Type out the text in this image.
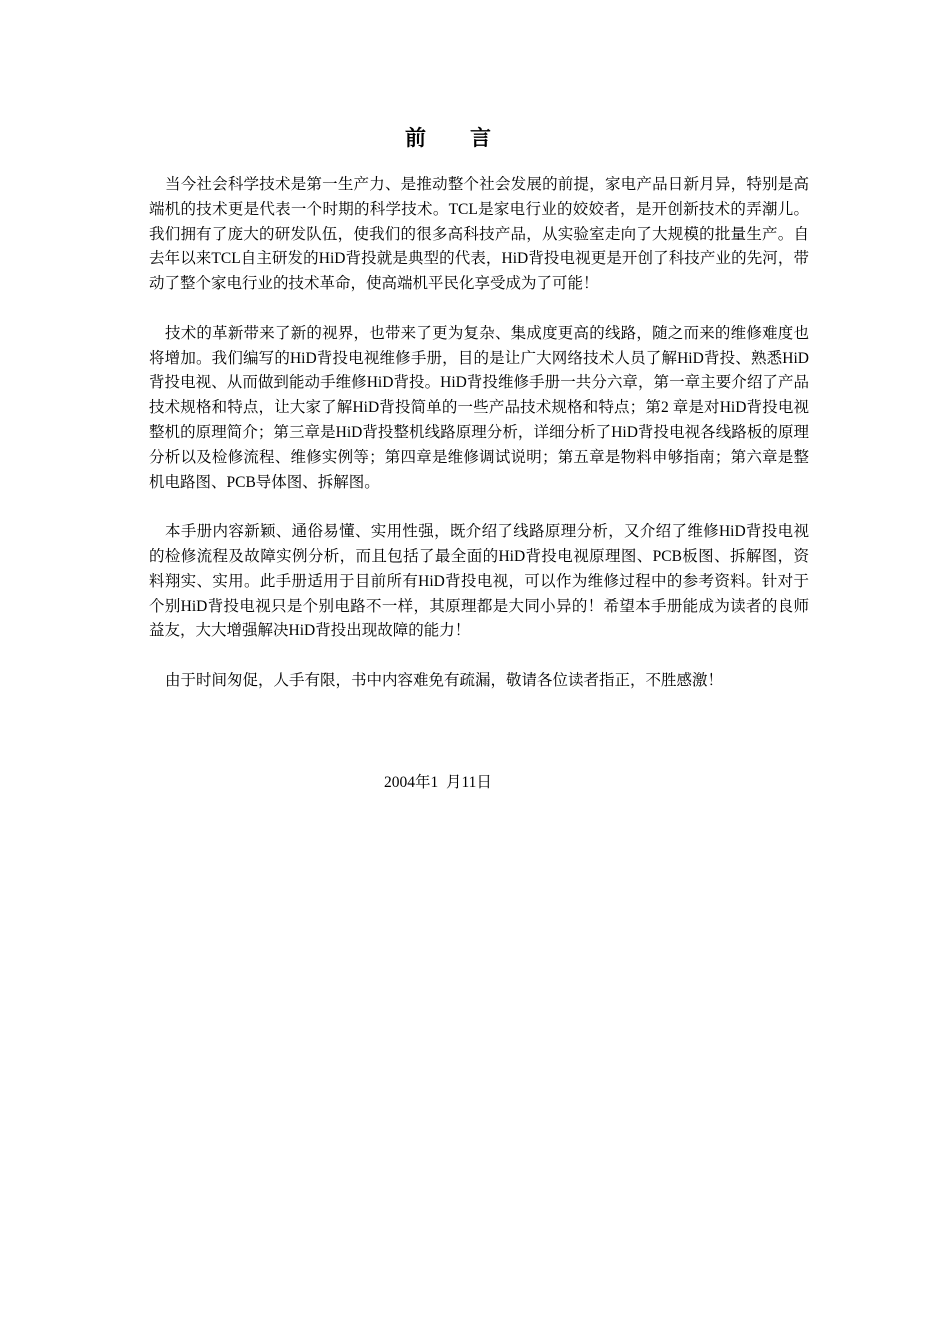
前言

当今社会科学技术是第一生产力、是推动整个社会发展的前提，家电产品日新月异，特别是高端机的技术更是代表一个时期的科学技术。TCL是家电行业的姣姣者，是开创新技术的弄潮儿。我们拥有了庞大的研发队伍，使我们的很多高科技产品，从实验室走向了大规模的批量生产。自去年以来TCL自主研发的HiD背投就是典型的代表，HiD背投电视更是开创了科技产业的先河，带动了整个家电行业的技术革命，使高端机平民化享受成为了可能！

技术的革新带来了新的视界，也带来了更为复杂、集成度更高的线路，随之而来的维修难度也将增加。我们编写的HiD背投电视维修手册，目的是让广大网络技术人员了解HiD背投、熟悉HiD背投电视、从而做到能动手维修HiD背投。HiD背投维修手册一共分六章，第一章主要介绍了产品技术规格和特点，让大家了解HiD背投简单的一些产品技术规格和特点；第2 章是对HiD背投电视整机的原理简介；第三章是HiD背投整机线路原理分析，详细分析了HiD背投电视各线路板的原理分析以及检修流程、维修实例等；第四章是维修调试说明；第五章是物料申够指南；第六章是整机电路图、PCB导体图、拆解图。

本手册内容新颖、通俗易懂、实用性强，既介绍了线路原理分析，又介绍了维修HiD背投电视的检修流程及故障实例分析，而且包括了最全面的HiD背投电视原理图、PCB板图、拆解图，资料翔实、实用。此手册适用于目前所有HiD背投电视，可以作为维修过程中的参考资料。针对于个别HiD背投电视只是个别电路不一样，其原理都是大同小异的！希望本手册能成为读者的良师益友，大大增强解决HiD背投出现故障的能力！

由于时间匆促，人手有限，书中内容难免有疏漏，敬请各位读者指正，不胜感激！

2004年1  月11日
